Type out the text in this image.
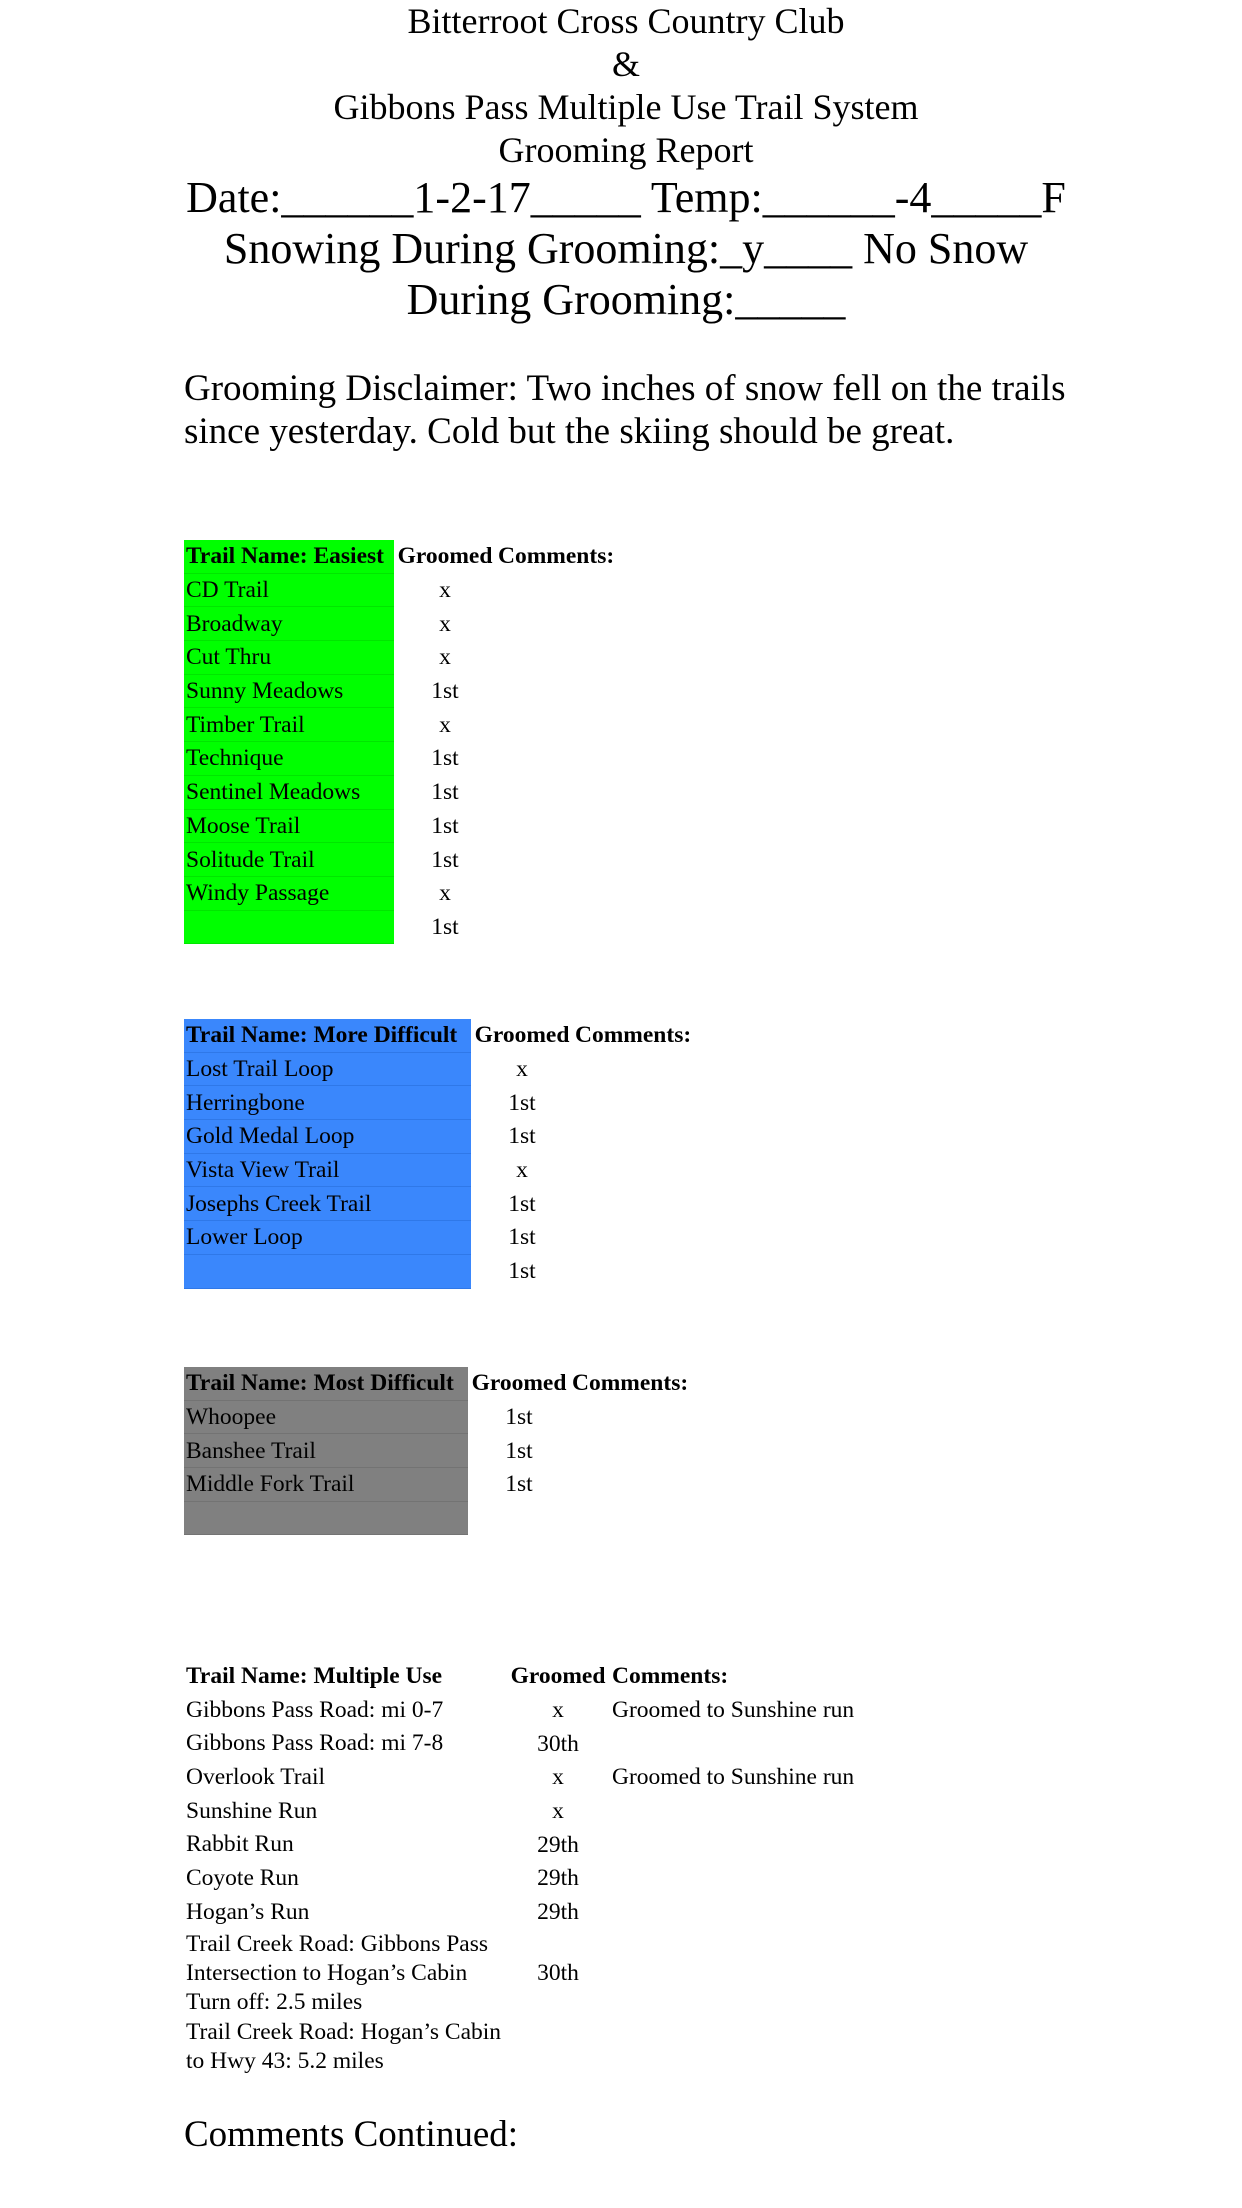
Bitterroot Cross Country Club
&
Gibbons Pass Multiple Use Trail System
Grooming Report
Date:______1-2-17_____ Temp:______-4_____F
Snowing During Grooming:_y____ No Snow
During Grooming:_____
Grooming Disclaimer: Two inches of snow fell on the trails since yesterday. Cold but the skiing should be great.
Trail Name: Easiest	Groomed	Comments:
CD Trail	x	
Broadway	x	
Cut Thru	x	
Sunny Meadows	1st	
Timber Trail	x	
Technique	1st	
Sentinel Meadows	1st	
Moose Trail	1st	
Solitude Trail	1st	
Windy Passage	x	
	1st	
Trail Name: More Difficult	Groomed	Comments:
Lost Trail Loop	x	
Herringbone	1st	
Gold Medal Loop	1st	
Vista View Trail	x	
Josephs Creek Trail	1st	
Lower Loop	1st	
	1st	
Trail Name: Most Difficult	Groomed	Comments:
Whoopee	1st	
Banshee Trail	1st	
Middle Fork Trail	1st	

Trail Name: Multiple Use	Groomed	Comments:
Gibbons Pass Road: mi 0-7	x	Groomed to Sunshine run
Gibbons Pass Road: mi 7-8	30th	
Overlook Trail	x	Groomed to Sunshine run
Sunshine Run	x	
Rabbit Run	29th	
Coyote Run	29th	
Hogan’s Run	29th	
Trail Creek Road: Gibbons Pass Intersection to Hogan’s Cabin Turn off: 2.5 miles	30th	
Trail Creek Road: Hogan’s Cabin to Hwy 43: 5.2 miles		
Comments Continued:
